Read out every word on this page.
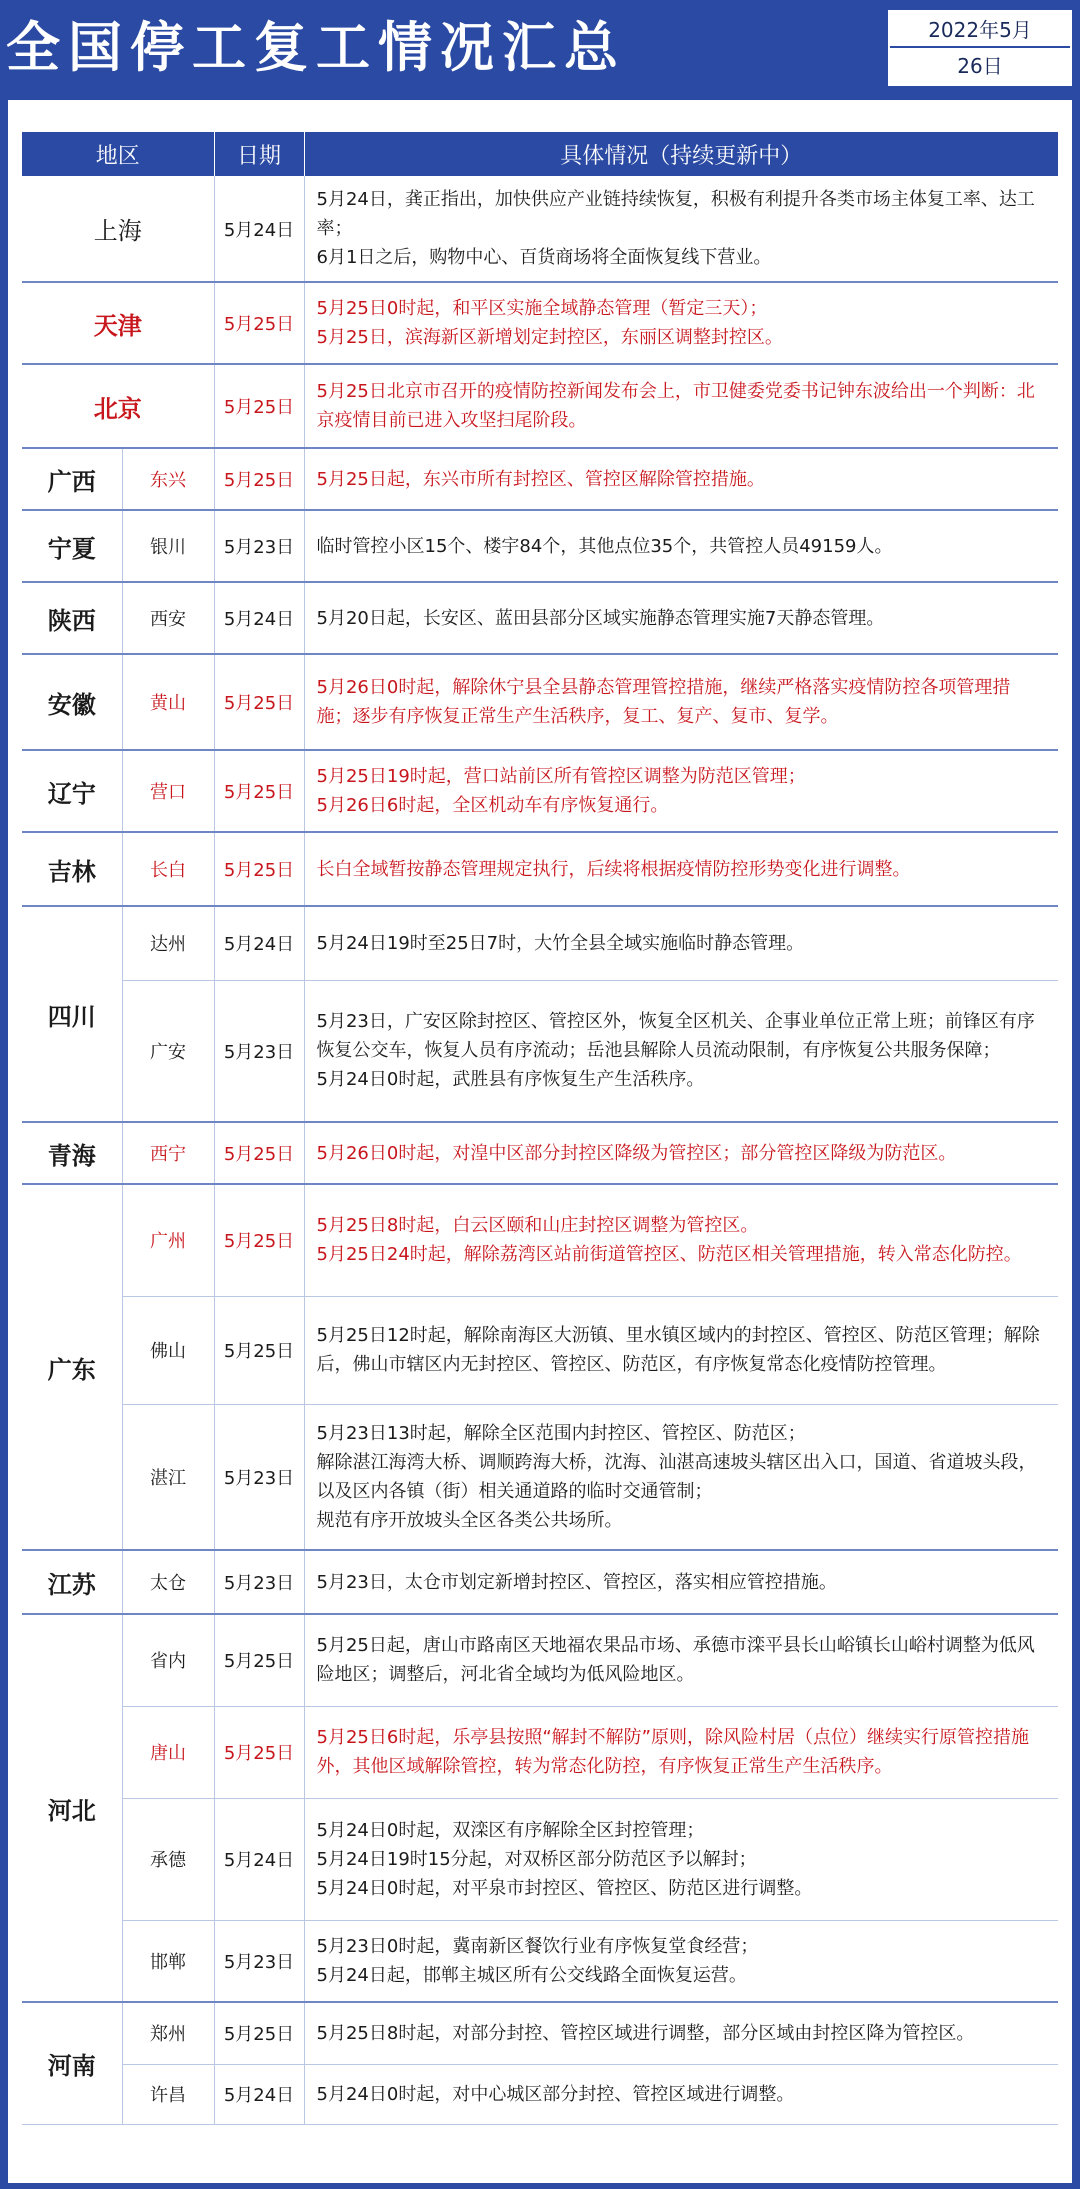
全国停工复工情况汇总	2022年5月
26日
地区		日期	具体情况（持续更新中）
上海		5月24日	5月24日，龚正指出，加快供应产业链持续恢复，积极有利提升各类市场主体复工率、达工率；
6月1日之后，购物中心、百货商场将全面恢复线下营业。

天津		5月25日	5月25日0时起，和平区实施全域静态管理（暂定三天）；
5月25日，滨海新区新增划定封控区，东丽区调整封控区。

北京		5月25日	5月25日北京市召开的疫情防控新闻发布会上，市卫健委党委书记钟东波给出一个判断：北京疫情目前已进入攻坚扫尾阶段。

广西	东兴	5月25日	5月25日起，东兴市所有封控区、管控区解除管控措施。

宁夏	银川	5月23日	临时管控小区15个、楼宇84个，其他点位35个，共管控人员49159人。

陕西	西安	5月24日	5月20日起，长安区、蓝田县部分区域实施静态管理实施7天静态管理。

安徽	黄山	5月25日	5月26日0时起，解除休宁县全县静态管理管控措施，继续严格落实疫情防控各项管理措施；逐步有序恢复正常生产生活秩序，复工、复产、复市、复学。

辽宁	营口	5月25日	5月25日19时起，营口站前区所有管控区调整为防范区管理；
5月26日6时起，全区机动车有序恢复通行。

吉林	长白	5月25日	长白全域暂按静态管理规定执行，后续将根据疫情防控形势变化进行调整。

四川	达州	5月24日	5月24日19时至25日7时，大竹全县全域实施临时静态管理。

	广安	5月23日	5月23日，广安区除封控区、管控区外，恢复全区机关、企事业单位正常上班；前锋区有序恢复公交车，恢复人员有序流动；岳池县解除人员流动限制，有序恢复公共服务保障；
5月24日0时起，武胜县有序恢复生产生活秩序。

青海	西宁	5月25日	5月26日0时起，对湟中区部分封控区降级为管控区；部分管控区降级为防范区。

广东	广州	5月25日	5月25日8时起，白云区颐和山庄封控区调整为管控区。
5月25日24时起，解除荔湾区站前街道管控区、防范区相关管理措施，转入常态化防控。

	佛山	5月25日	5月25日12时起，解除南海区大沥镇、里水镇区域内的封控区、管控区、防范区管理；解除后，佛山市辖区内无封控区、管控区、防范区，有序恢复常态化疫情防控管理。

	湛江	5月23日	5月23日13时起，解除全区范围内封控区、管控区、防范区；
解除湛江海湾大桥、调顺跨海大桥，沈海、汕湛高速坡头辖区出入口，国道、省道坡头段，以及区内各镇（街）相关通道路的临时交通管制；
规范有序开放坡头全区各类公共场所。

江苏	太仓	5月23日	5月23日，太仓市划定新增封控区、管控区，落实相应管控措施。

河北	省内	5月25日	5月25日起，唐山市路南区天地福农果品市场、承德市滦平县长山峪镇长山峪村调整为低风险地区；调整后，河北省全域均为低风险地区。

	唐山	5月25日	5月25日6时起，乐亭县按照“解封不解防”原则，除风险村居（点位）继续实行原管控措施外，其他区域解除管控，转为常态化防控，有序恢复正常生产生活秩序。

	承德	5月24日	5月24日0时起，双滦区有序解除全区封控管理；
5月24日19时15分起，对双桥区部分防范区予以解封；
5月24日0时起，对平泉市封控区、管控区、防范区进行调整。

	邯郸	5月23日	5月23日0时起，冀南新区餐饮行业有序恢复堂食经营；
5月24日起，邯郸主城区所有公交线路全面恢复运营。

河南	郑州	5月25日	5月25日8时起，对部分封控、管控区域进行调整，部分区域由封控区降为管控区。

	许昌	5月24日	5月24日0时起，对中心城区部分封控、管控区域进行调整。
